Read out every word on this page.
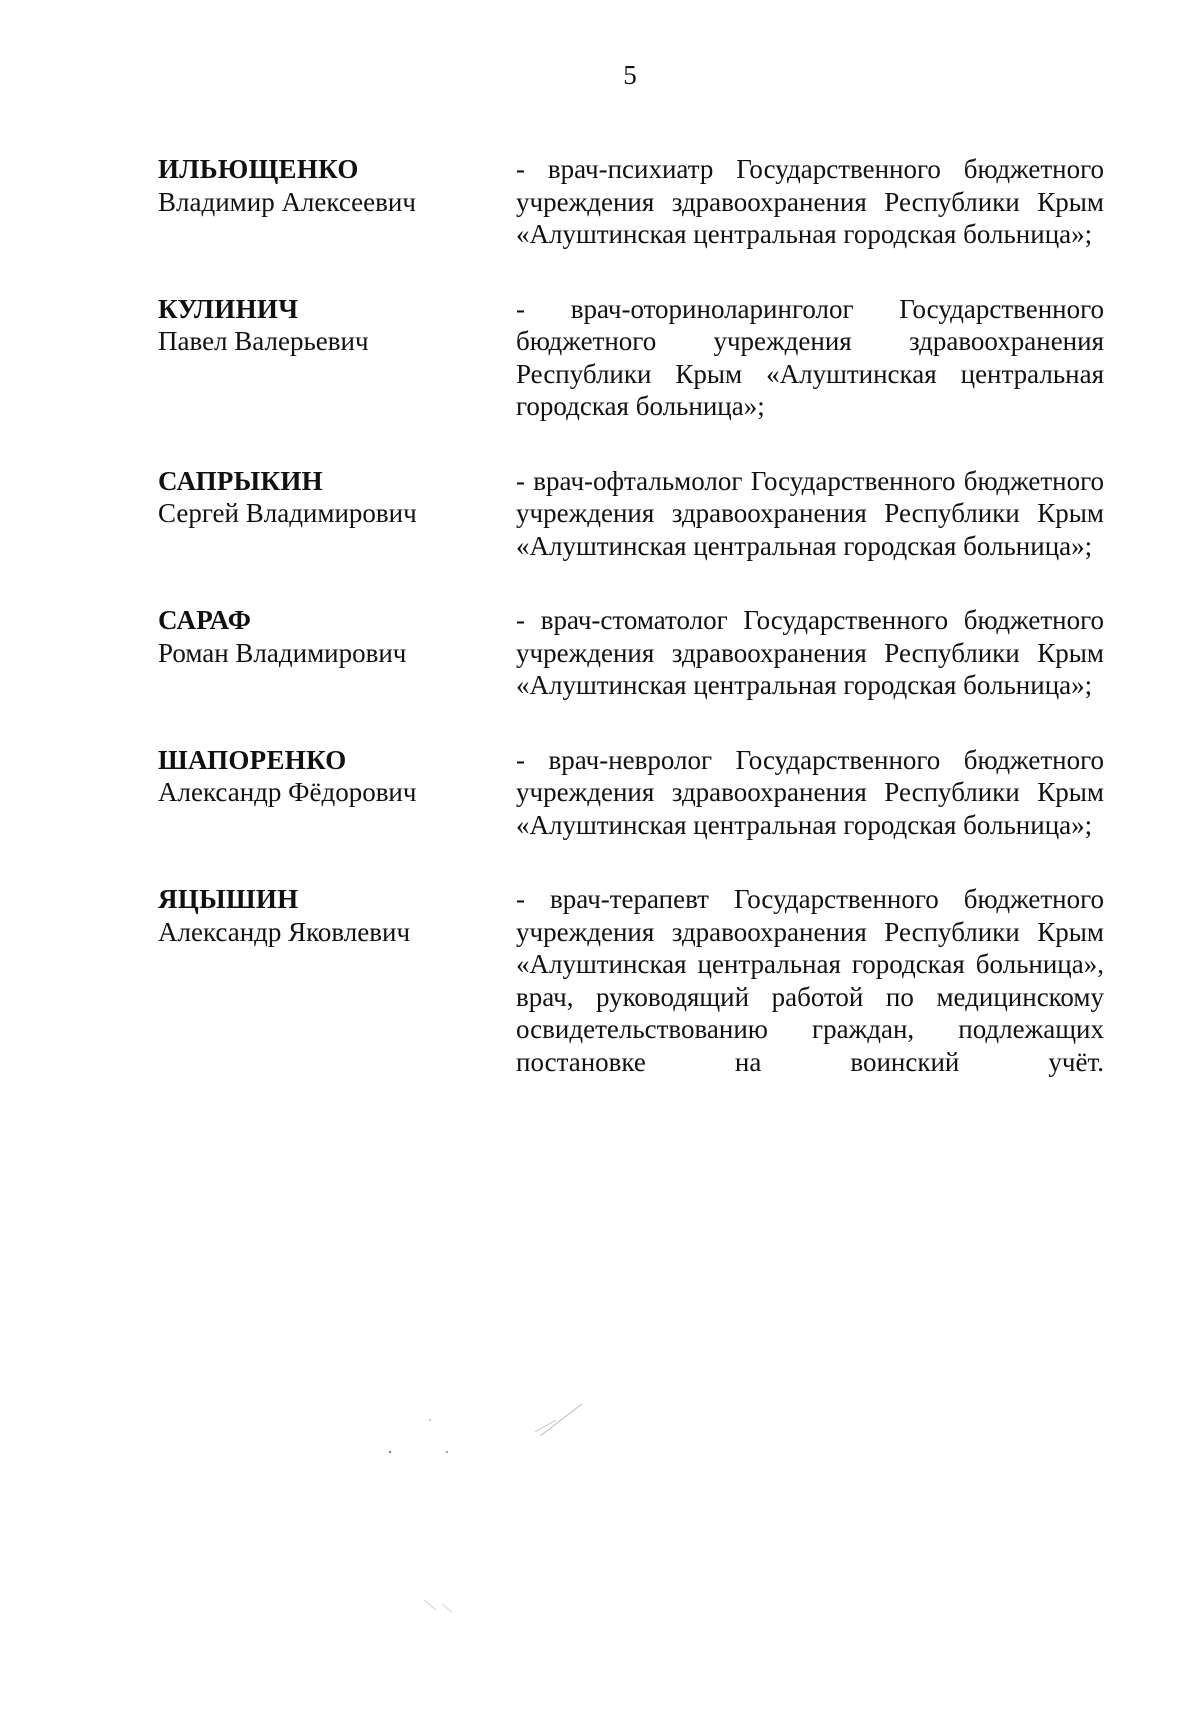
5
ИЛЬЮЩЕНКО
Владимир Алексеевич
- врач-психиатр Государственного бюджетного учреждения здравоохранения Республики Крым «Алуштинская центральная городская больница»;
КУЛИНИЧ
Павел Валерьевич
- врач-оториноларинголог Государственного бюджетного учреждения здравоохранения Республики Крым «Алуштинская центральная городская больница»;
САПРЫКИН
Сергей Владимирович
- врач-офтальмолог Государственного бюджетного учреждения здравоохранения Республики Крым «Алуштинская центральная городская больница»;
САРАФ
Роман Владимирович
- врач-стоматолог Государственного бюджетного учреждения здравоохранения Республики Крым «Алуштинская центральная городская больница»;
ШАПОРЕНКО
Александр Фёдорович
- врач-невролог Государственного бюджетного учреждения здравоохранения Республики Крым «Алуштинская центральная городская больница»;
ЯЦЫШИН
Александр Яковлевич
- врач-терапевт Государственного бюджетного учреждения здравоохранения Республики Крым «Алуштинская центральная городская больница», врач, руководящий работой по медицинскому освидетельствованию граждан, подлежащих постановке на воинский учёт.
